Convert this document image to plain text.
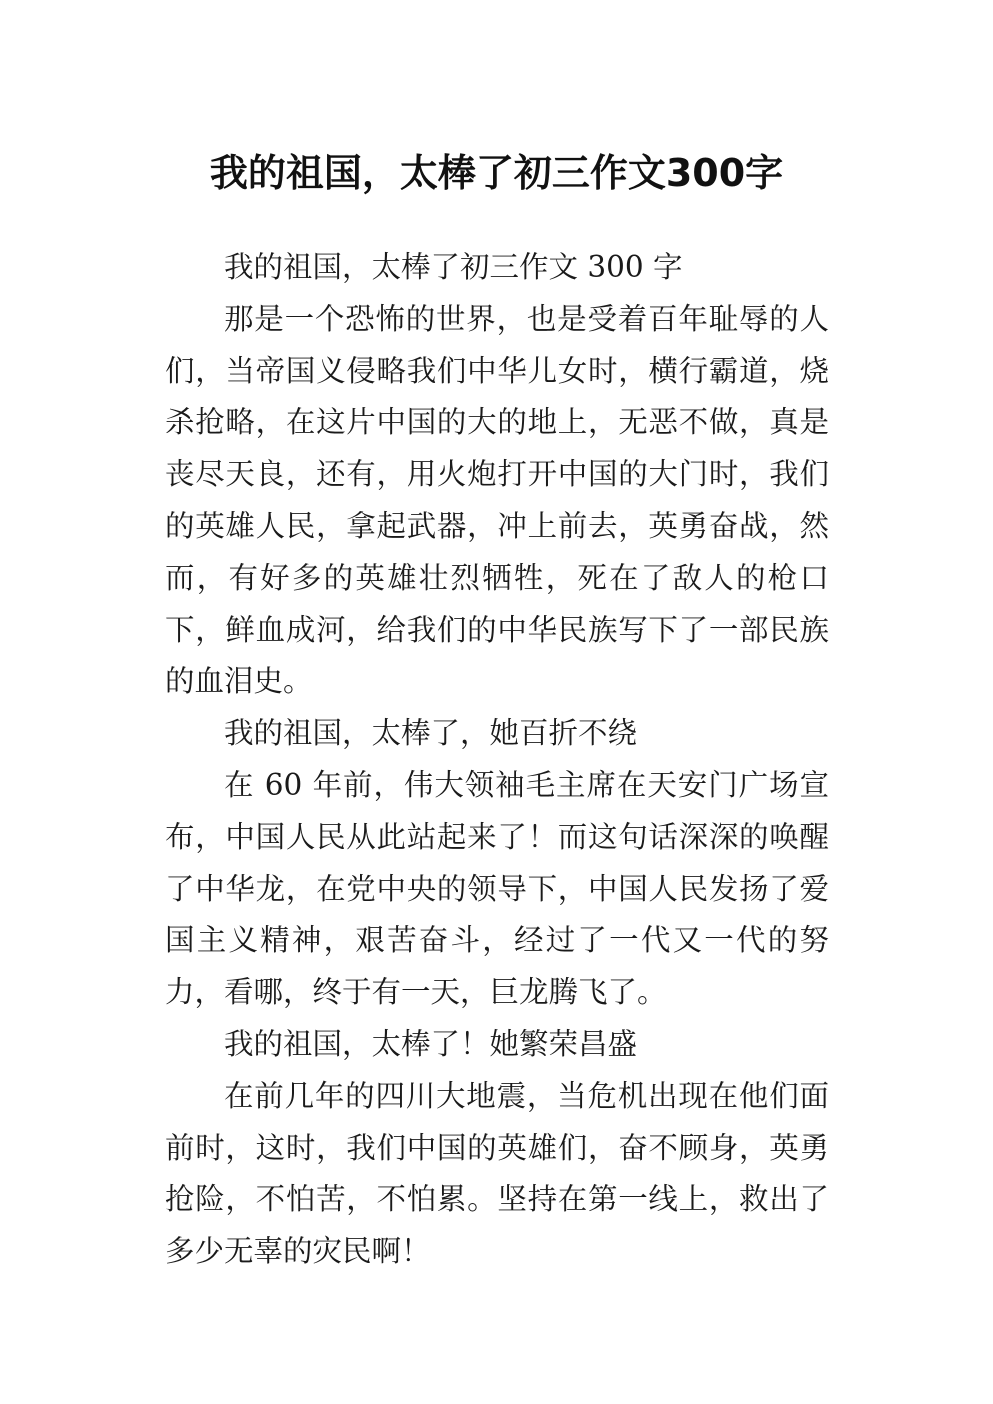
我的祖国，太棒了初三作文300字

我的祖国，太棒了初三作文 300 字

那是一个恐怖的世界，也是受着百年耻辱的人们，当帝国义侵略我们中华儿女时，横行霸道，烧杀抢略，在这片中国的大的地上，无恶不做，真是丧尽天良，还有，用火炮打开中国的大门时，我们的英雄人民，拿起武器，冲上前去，英勇奋战，然而，有好多的英雄壮烈牺牲，死在了敌人的枪口下，鲜血成河，给我们的中华民族写下了一部民族的血泪史。

我的祖国，太棒了，她百折不绕

在 60 年前，伟大领袖毛主席在天安门广场宣布，中国人民从此站起来了！而这句话深深的唤醒了中华龙，在党中央的领导下，中国人民发扬了爱国主义精神，艰苦奋斗，经过了一代又一代的努力，看哪，终于有一天，巨龙腾飞了。

我的祖国，太棒了！她繁荣昌盛

在前几年的四川大地震，当危机出现在他们面前时，这时，我们中国的英雄们，奋不顾身，英勇抢险，不怕苦，不怕累。坚持在第一线上，救出了多少无辜的灾民啊！
